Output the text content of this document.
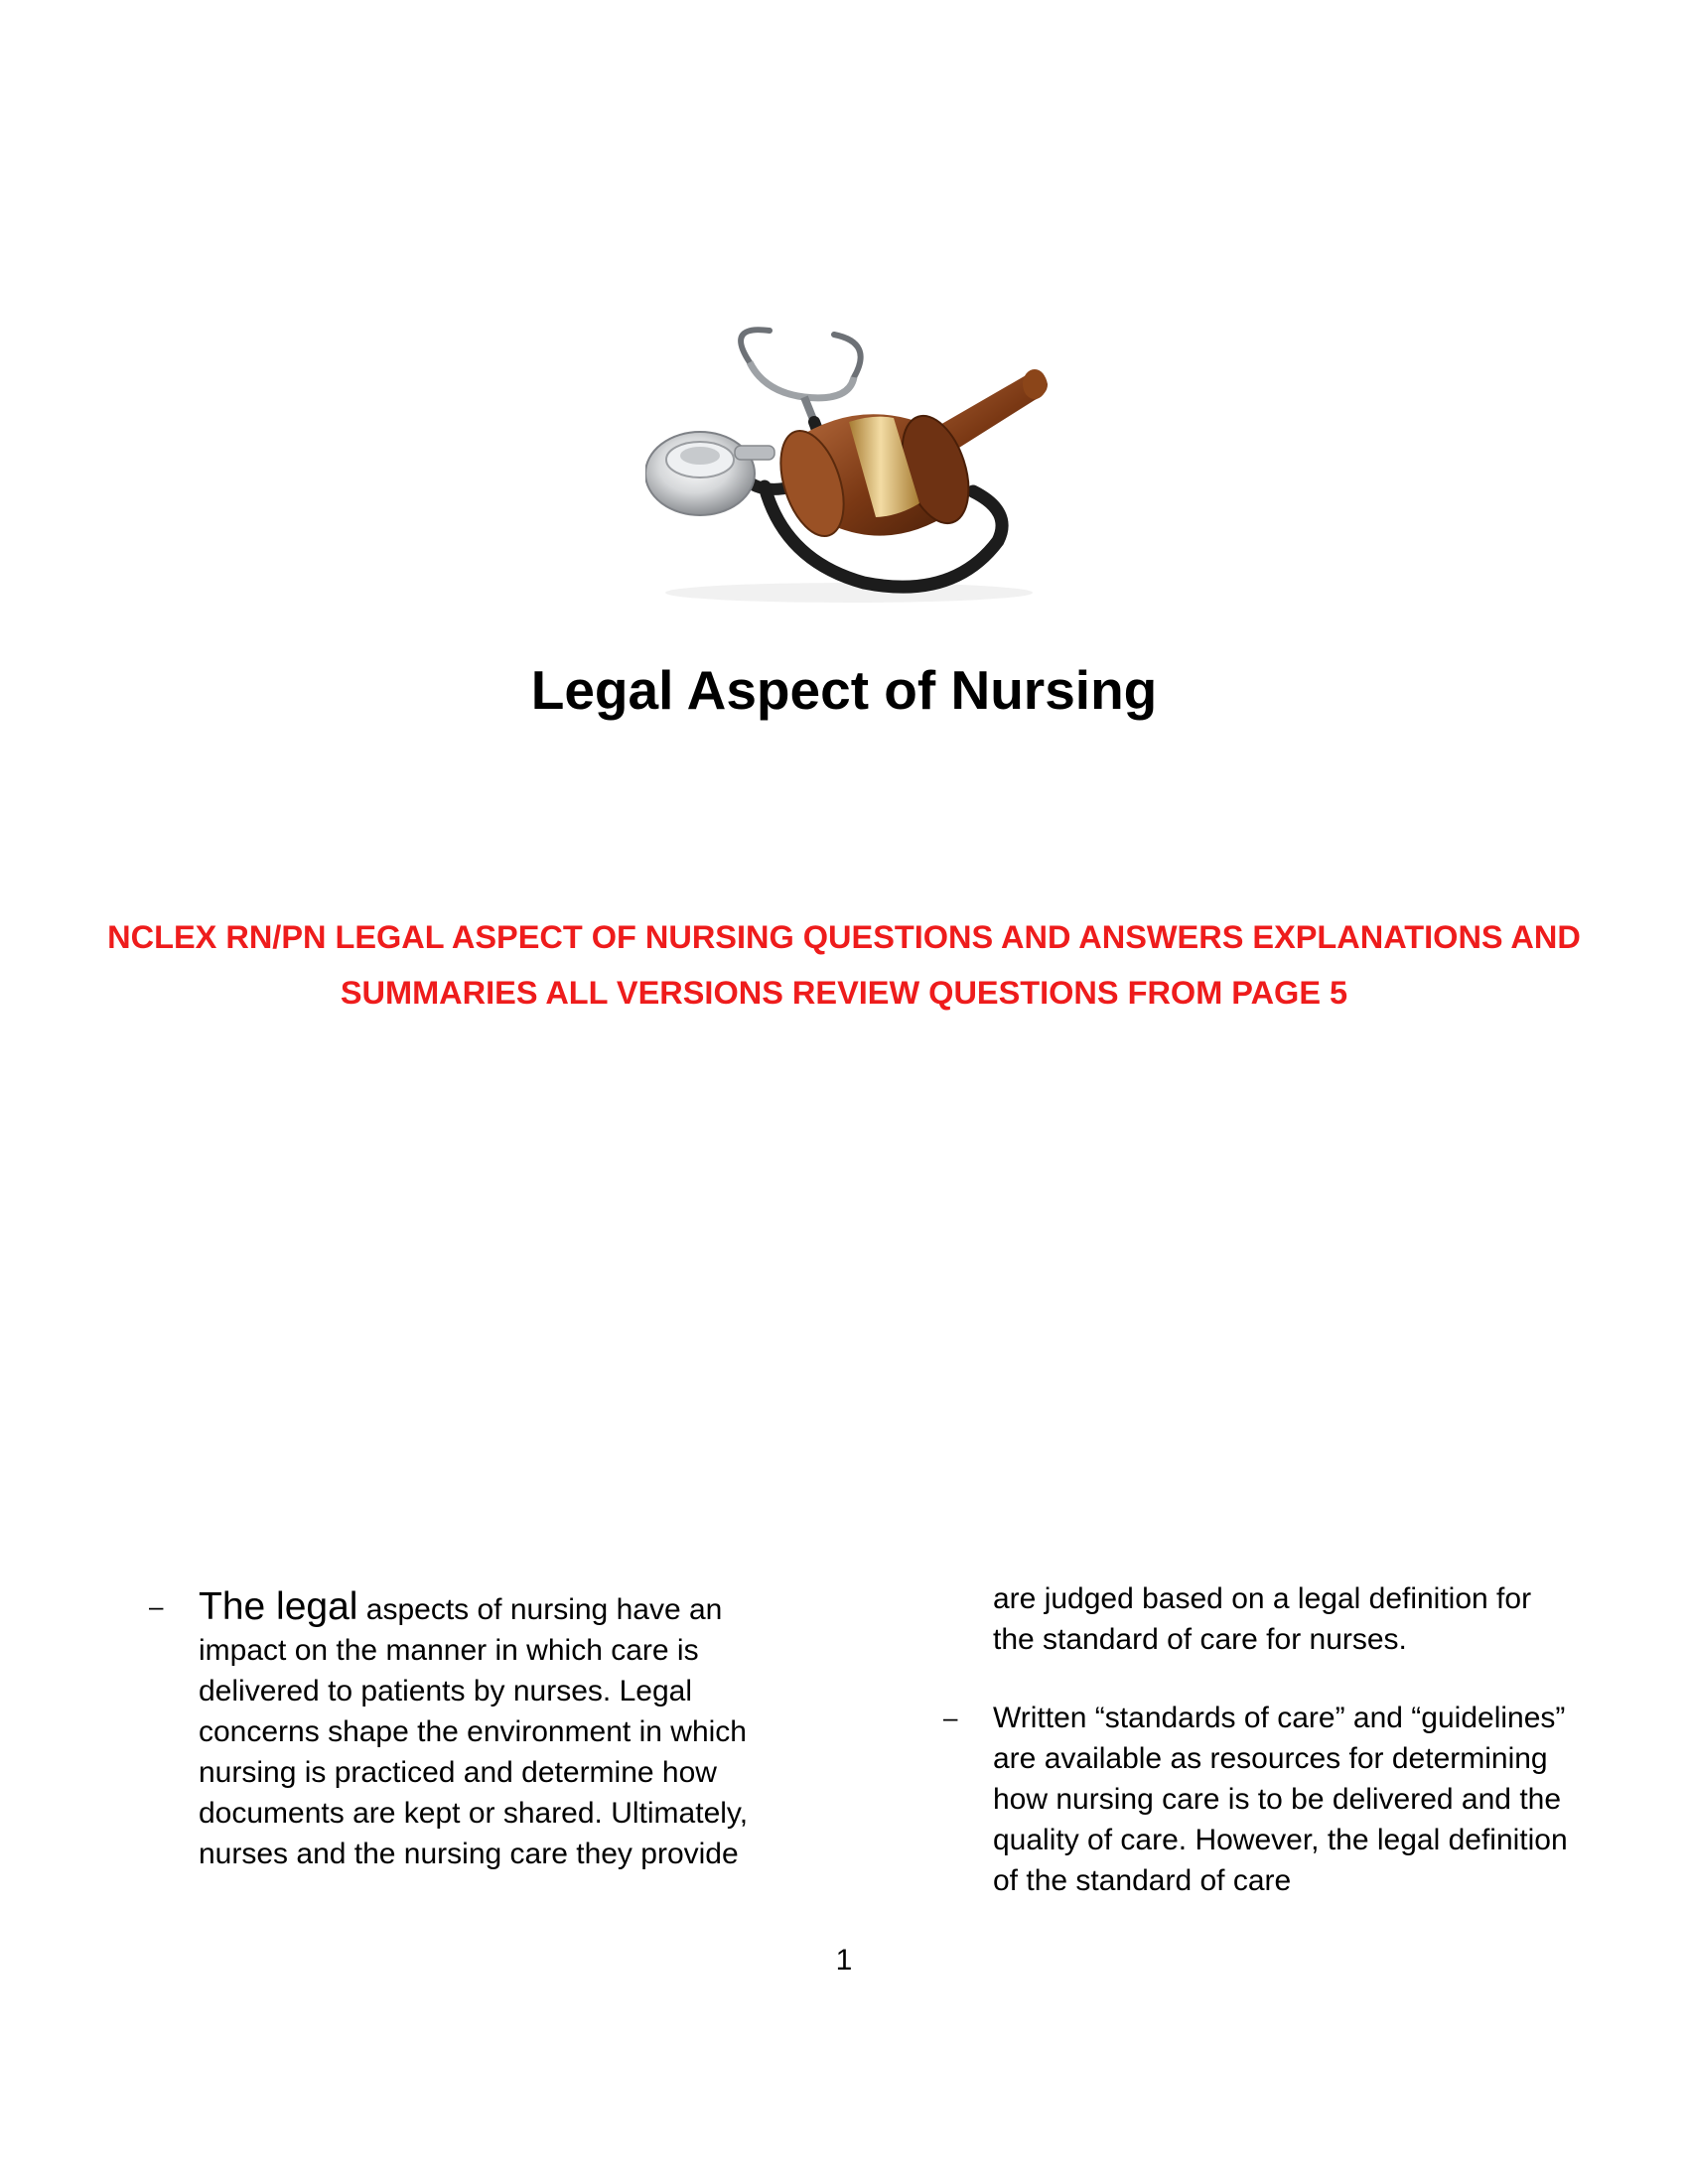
Legal Aspect of Nursing

NCLEX RN/PN LEGAL ASPECT OF NURSING QUESTIONS AND ANSWERS EXPLANATIONS AND SUMMARIES ALL VERSIONS REVIEW QUESTIONS FROM PAGE 5

– The legal aspects of nursing have an impact on the manner in which care is delivered to patients by nurses. Legal concerns shape the environment in which nursing is practiced and determine how documents are kept or shared. Ultimately, nurses and the nursing care they provide

are judged based on a legal definition for the standard of care for nurses.

–	Written “standards of care” and “guidelines” are available as resources for determining how nursing care is to be delivered and the quality of care. However, the legal definition of the standard of care

1
